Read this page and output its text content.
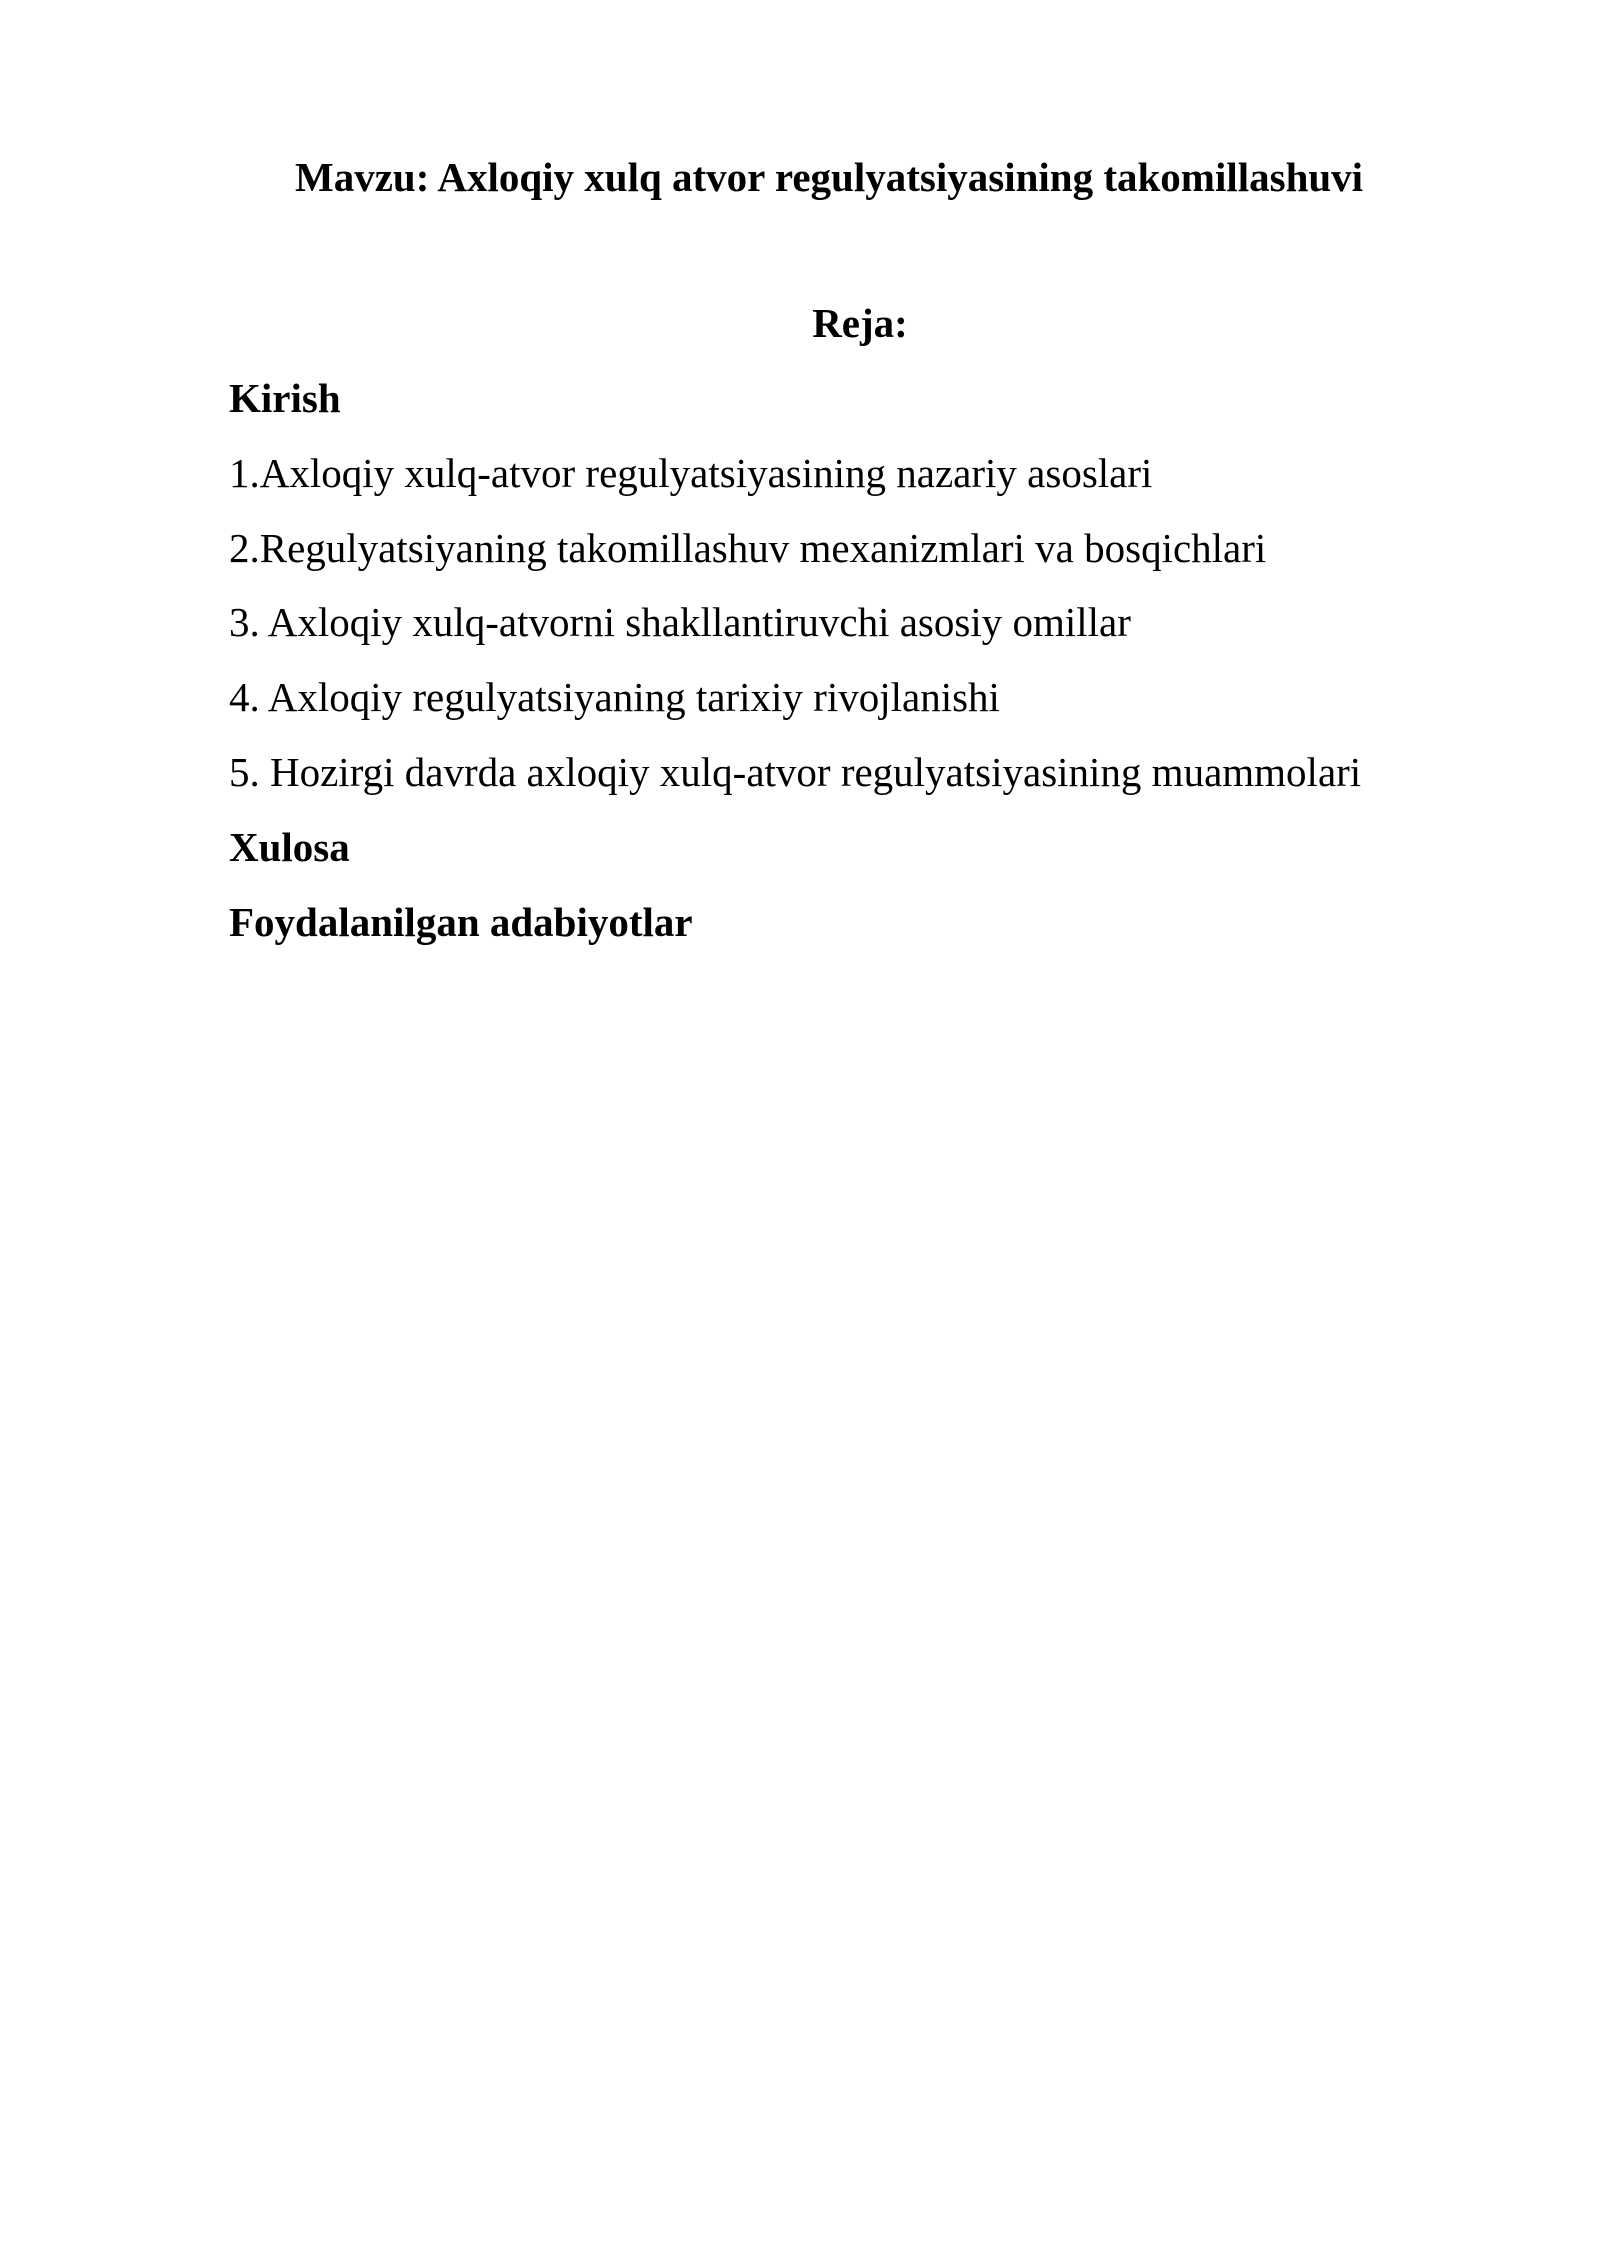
Mavzu: Axloqiy xulq atvor regulyatsiyasining takomillashuvi
Reja:
Kirish
1.Axloqiy xulq-atvor regulyatsiyasining nazariy asoslari
2.Regulyatsiyaning takomillashuv mexanizmlari va bosqichlari
3. Axloqiy xulq-atvorni shakllantiruvchi asosiy omillar
4. Axloqiy regulyatsiyaning tarixiy rivojlanishi
5. Hozirgi davrda axloqiy xulq-atvor regulyatsiyasining muammolari
Xulosa
Foydalanilgan adabiyotlar
